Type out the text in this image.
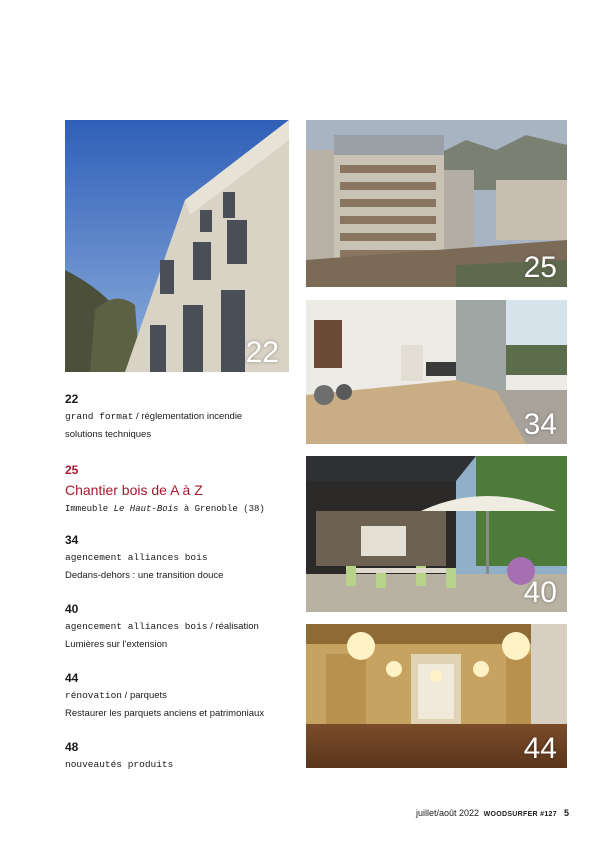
22
25
34
40
44

22

grand format / réglementation incendie

solutions techniques

25

Chantier bois de A à Z

Immeuble Le Haut-Bois à Grenoble (38)

34

agencement alliances bois

Dedans-dehors : une transition douce

40

agencement alliances bois / réalisation

Lumières sur l'extension

44

rénovation / parquets

Restaurer les parquets anciens et patrimoniaux

48

nouveautés produits

juillet/août 2022 WOODSURFER #127 5
